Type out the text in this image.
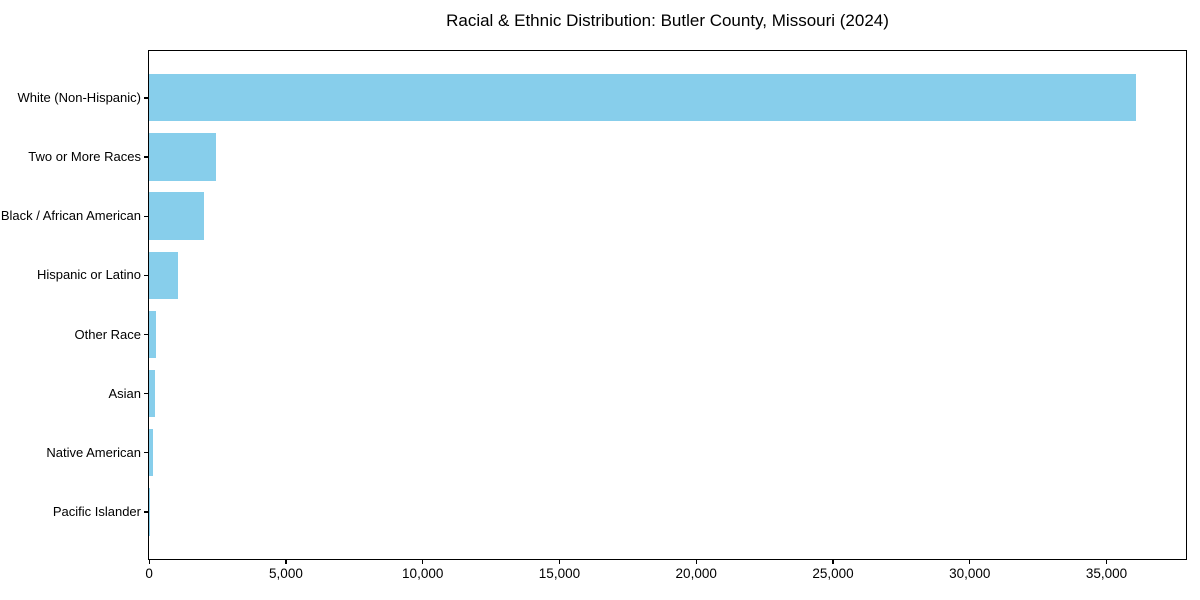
Racial & Ethnic Distribution: Butler County, Missouri (2024)
White (Non-Hispanic)
Two or More Races
Black / African American
Hispanic or Latino
Other Race
Asian
Native American
Pacific Islander
0	5,000	10,000	15,000	20,000	25,000	30,000	35,000
